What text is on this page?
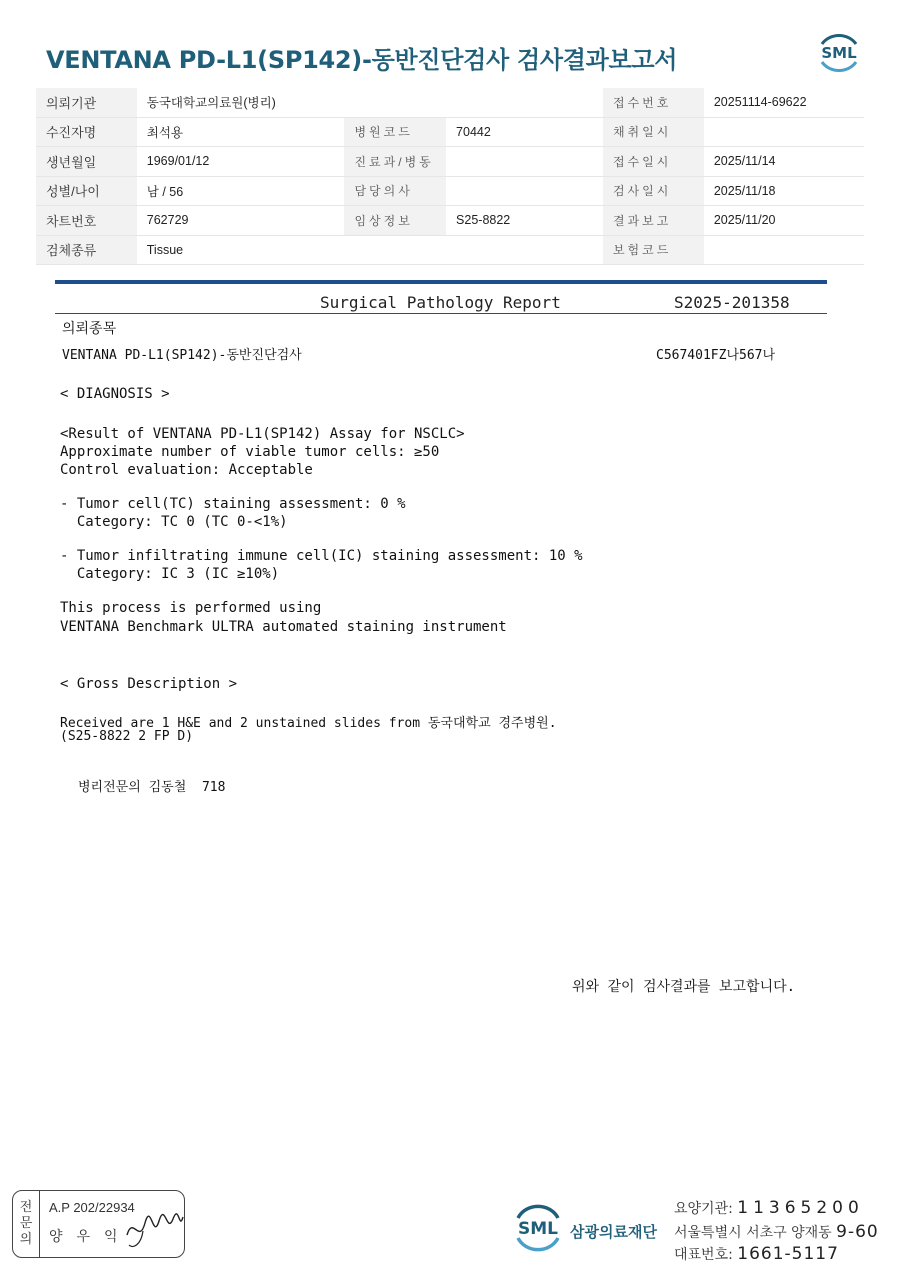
VENTANA PD-L1(SP142)-동반진단검사 검사결과보고서	SML
의뢰기관	동국대학교의료원(병리)			접수번호	20251114-69622
수진자명	최석용	병원코드	70442	채취일시	
생년월일	1969/01/12	진료과/병동		접수일시	2025/11/14
성별/나이	남 / 56	담당의사		검사일시	2025/11/18
차트번호	762729	임상정보	S25-8822	결과보고	2025/11/20
검체종류	Tissue			보험코드	
Surgical Pathology Report	S2025-201358
의뢰종목
VENTANA PD-L1(SP142)-동반진단검사	C567401FZ나567나
< DIAGNOSIS >
<Result of VENTANA PD-L1(SP142) Assay for NSCLC>
Approximate number of viable tumor cells: ≥50
Control evaluation: Acceptable
- Tumor cell(TC) staining assessment: 0 %
Category: TC 0 (TC 0-<1%)
- Tumor infiltrating immune cell(IC) staining assessment: 10 %
Category: IC 3 (IC ≥10%)
This process is performed using
VENTANA Benchmark ULTRA automated staining instrument
< Gross Description >
Received are 1 H&E and 2 unstained slides from 동국대학교 경주병원.
(S25-8822 2 FP D)
병리전문의 김동철  718
위와 같이 검사결과를 보고합니다.
전
문
의
A.P 202/22934
양우익	SML 삼광의료재단
요양기관: 11365200
서울특별시 서초구 양재동 9-60
대표번호: 1661-5117
